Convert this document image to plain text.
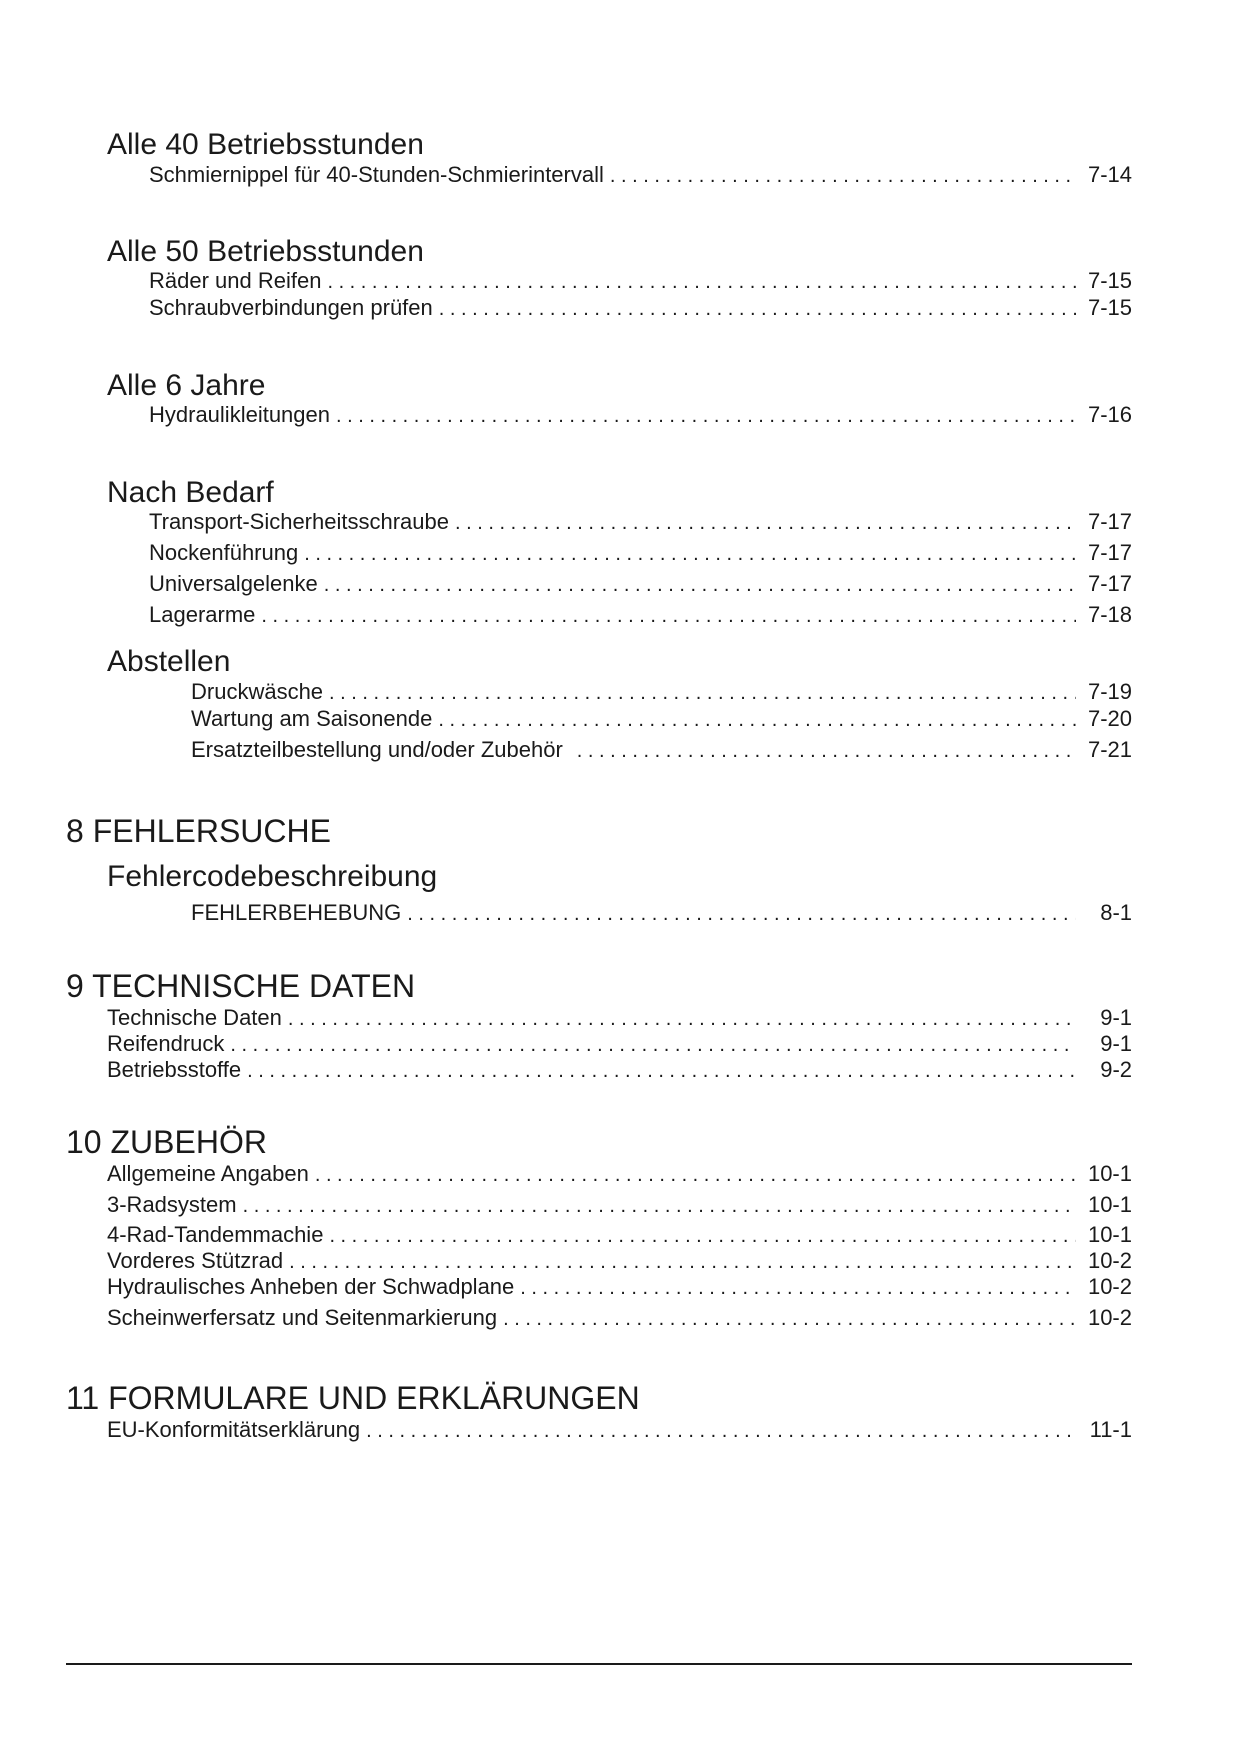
Alle 40 Betriebsstunden
Schmiernippel für 40-Stunden-Schmierintervall . . .	7-14
Alle 50 Betriebsstunden
Räder und Reifen . . .	7-15
Schraubverbindungen prüfen . . .	7-15
Alle 6 Jahre
Hydraulikleitungen . . .	7-16
Nach Bedarf
Transport-Sicherheitsschraube . . .	7-17
Nockenführung . . .	7-17
Universalgelenke . . .	7-17
Lagerarme . . .	7-18
Abstellen
Druckwäsche . . .	7-19
Wartung am Saisonende . . .	7-20
Ersatzteilbestellung und/oder Zubehör . . .	7-21
8 FEHLERSUCHE
Fehlercodebeschreibung
FEHLERBEHEBUNG . . .	8-1
9 TECHNISCHE DATEN
Technische Daten . . .	9-1
Reifendruck . . .	9-1
Betriebsstoffe . . .	9-2
10 ZUBEHÖR
Allgemeine Angaben . . .	10-1
3-Radsystem . . .	10-1
4-Rad-Tandemmachie . . .	10-1
Vorderes Stützrad . . .	10-2
Hydraulisches Anheben der Schwadplane . . .	10-2
Scheinwerfersatz und Seitenmarkierung . . .	10-2
11 FORMULARE UND ERKLÄRUNGEN
EU-Konformitätserklärung . . .	11-1
